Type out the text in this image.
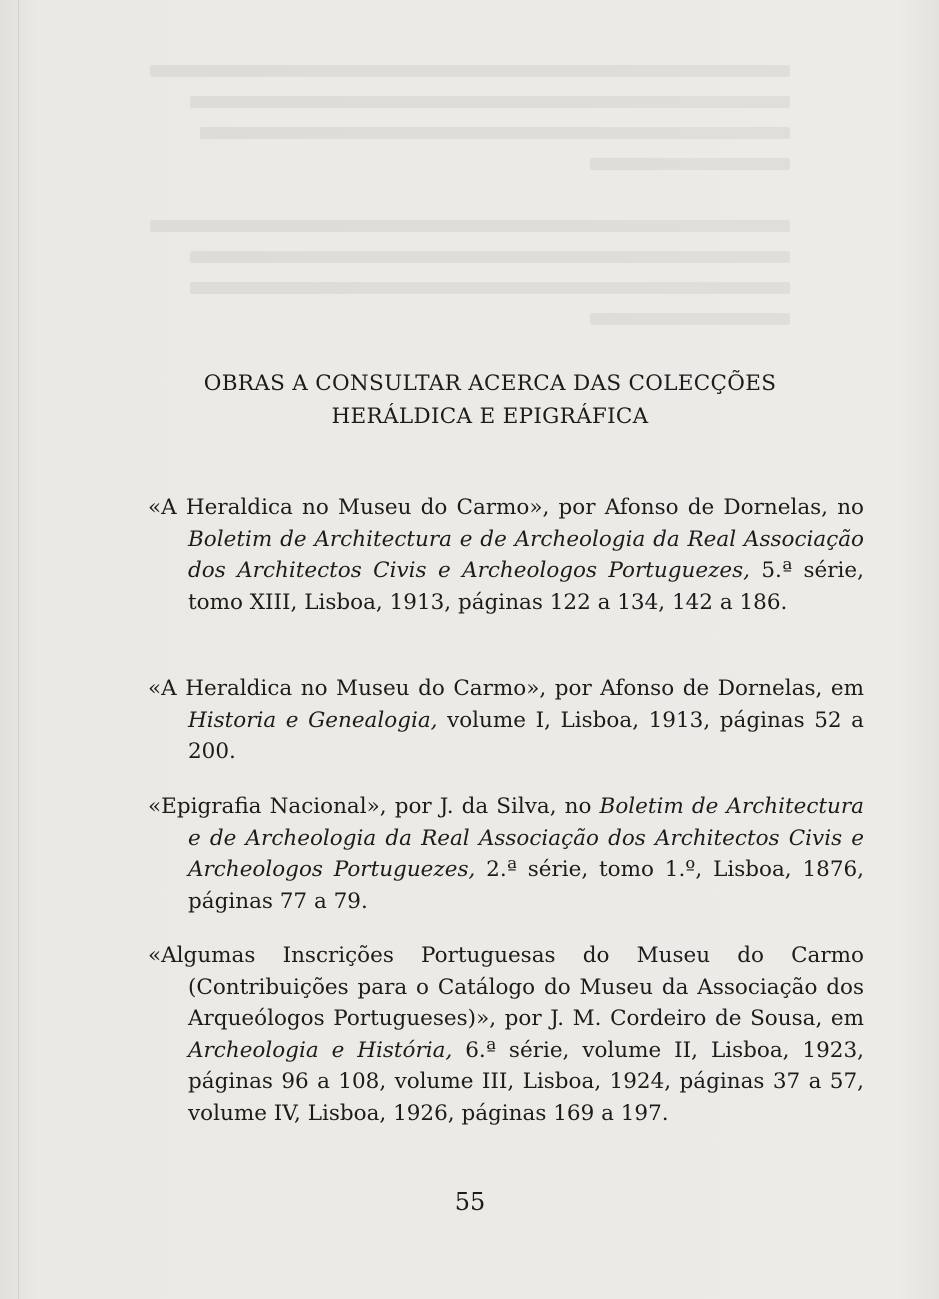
OBRAS A CONSULTAR ACERCA DAS COLECÇÕES
HERÁLDICA E EPIGRÁFICA
«A Heraldica no Museu do Carmo», por Afonso de Dornelas, no Boletim de Architectura e de Archeologia da Real Associação dos Architectos Civis e Archeologos Portuguezes, 5.ª série, tomo XIII, Lisboa, 1913, páginas 122 a 134, 142 a 186.
«A Heraldica no Museu do Carmo», por Afonso de Dornelas, em Historia e Genealogia, volume I, Lisboa, 1913, páginas 52 a 200.
«Epigrafia Nacional», por J. da Silva, no Boletim de Architectura e de Archeologia da Real Associação dos Architectos Civis e Archeologos Portuguezes, 2.ª série, tomo 1.º, Lisboa, 1876, páginas 77 a 79.
«Algumas Inscrições Portuguesas do Museu do Carmo (Contribuições para o Catálogo do Museu da Associação dos Arqueólogos Portugueses)», por J. M. Cordeiro de Sousa, em Archeologia e História, 6.ª série, volume II, Lisboa, 1923, páginas 96 a 108, volume III, Lisboa, 1924, páginas 37 a 57, volume IV, Lisboa, 1926, páginas 169 a 197.
55
